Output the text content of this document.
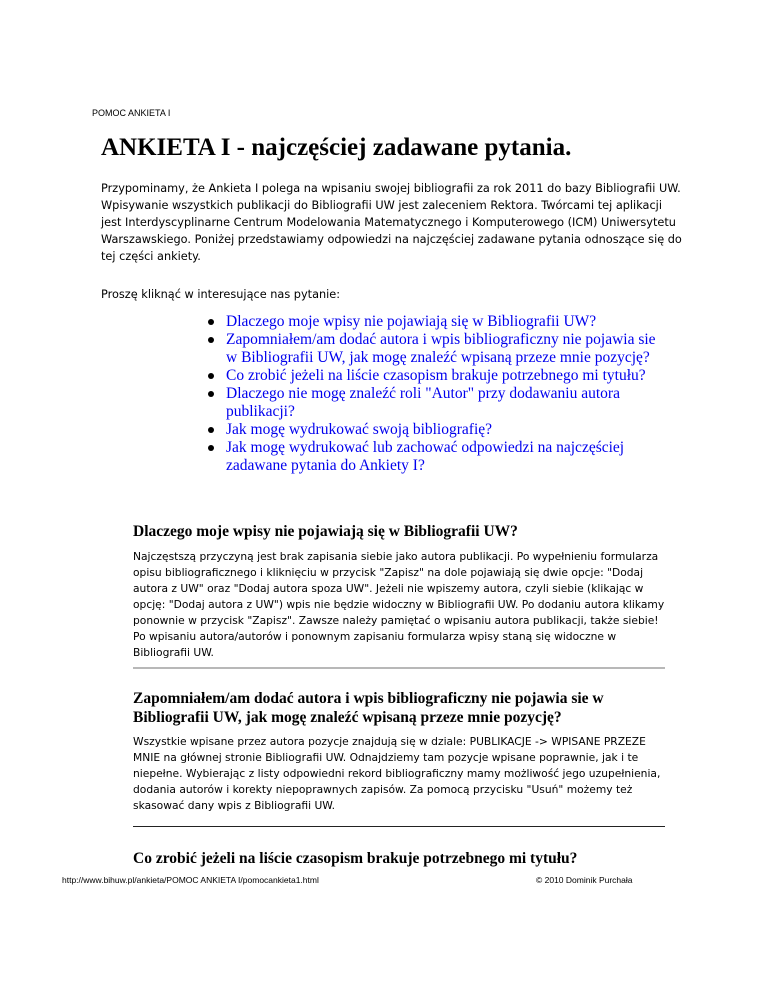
POMOC ANKIETA I
ANKIETA I - najczęściej zadawane pytania.

Przypominamy, że Ankieta I polega na wpisaniu swojej bibliografii za rok 2011 do bazy Bibliografii UW. Wpisywanie wszystkich publikacji do Bibliografii UW jest zaleceniem Rektora. Twórcami tej aplikacji jest Interdyscyplinarne Centrum Modelowania Matematycznego i Komputerowego (ICM) Uniwersytetu Warszawskiego. Poniżej przedstawiamy odpowiedzi na najczęściej zadawane pytania odnoszące się do tej części ankiety.

Proszę kliknąć w interesujące nas pytanie:

Dlaczego moje wpisy nie pojawiają się w Bibliografii UW?
Zapomniałem/am dodać autora i wpis bibliograficzny nie pojawia sie w Bibliografii UW, jak mogę znaleźć wpisaną przeze mnie pozycję?
Co zrobić jeżeli na liście czasopism brakuje potrzebnego mi tytułu?
Dlaczego nie mogę znaleźć roli "Autor" przy dodawaniu autora publikacji?
Jak mogę wydrukować swoją bibliografię?
Jak mogę wydrukować lub zachować odpowiedzi na najczęściej zadawane pytania do Ankiety I?
Dlaczego moje wpisy nie pojawiają się w Bibliografii UW?

Najczęstszą przyczyną jest brak zapisania siebie jako autora publikacji. Po wypełnieniu formularza opisu bibliograficznego i kliknięciu w przycisk "Zapisz" na dole pojawiają się dwie opcje: "Dodaj autora z UW" oraz "Dodaj autora spoza UW". Jeżeli nie wpiszemy autora, czyli siebie (klikając w opcję: "Dodaj autora z UW") wpis nie będzie widoczny w Bibliografii UW. Po dodaniu autora klikamy ponownie w przycisk "Zapisz". Zawsze należy pamiętać o wpisaniu autora publikacji, także siebie! Po wpisaniu autora/autorów i ponownym zapisaniu formularza wpisy staną się widoczne w Bibliografii UW.

Zapomniałem/am dodać autora i wpis bibliograficzny nie pojawia sie w Bibliografii UW, jak mogę znaleźć wpisaną przeze mnie pozycję?

Wszystkie wpisane przez autora pozycje znajdują się w dziale: PUBLIKACJE -> WPISANE PRZEZE MNIE na głównej stronie Bibliografii UW. Odnajdziemy tam pozycje wpisane poprawnie, jak i te niepełne. Wybierając z listy odpowiedni rekord bibliograficzny mamy możliwość jego uzupełnienia, dodania autorów i korekty niepoprawnych zapisów. Za pomocą przycisku "Usuń" możemy też skasować dany wpis z Bibliografii UW.

Co zrobić jeżeli na liście czasopism brakuje potrzebnego mi tytułu?
http://www.bihuw.pl/ankieta/POMOC ANKIETA I/pomocankieta1.html	© 2010 Dominik Purchała
